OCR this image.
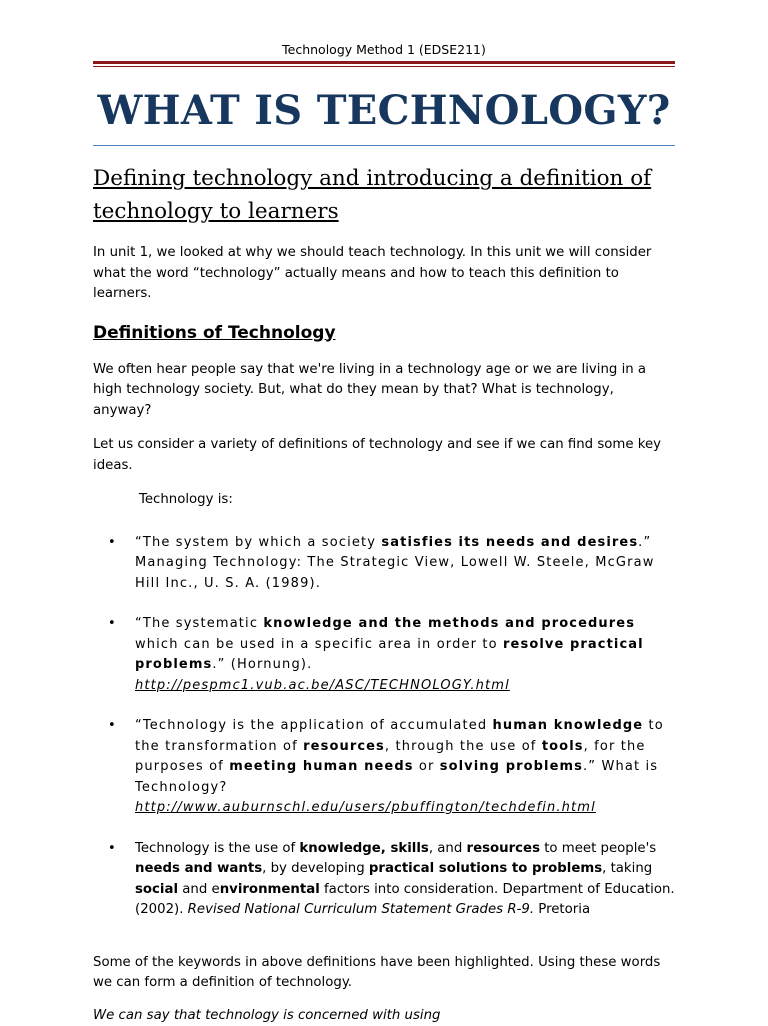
Technology Method 1 (EDSE211)
WHAT IS TECHNOLOGY?
Defining technology and introducing a definition of technology to learners

In unit 1, we looked at why we should teach technology. In this unit we will consider what the word “technology” actually means and how to teach this definition to learners.

Definitions of Technology

We often hear people say that we're living in a technology age or we are living in a high technology society. But, what do they mean by that? What is technology, anyway?

Let us consider a variety of definitions of technology and see if we can find some key ideas.

Technology is:

• “The system by which a society satisfies its needs and desires.” Managing Technology: The Strategic View, Lowell W. Steele, McGraw Hill Inc., U. S. A. (1989).
• “The systematic knowledge and the methods and procedures which can be used in a specific area in order to resolve practical problems.” (Hornung). http://pespmc1.vub.ac.be/ASC/TECHNOLOGY.html
• “Technology is the application of accumulated human knowledge to the transformation of resources, through the use of tools, for the purposes of meeting human needs or solving problems.” What is Technology? http://www.auburnschl.edu/users/pbuffington/techdefin.html
• Technology is the use of knowledge, skills, and resources to meet people's needs and wants, by developing practical solutions to problems, taking social and environmental factors into consideration. Department of Education. (2002). Revised National Curriculum Statement Grades R-9. Pretoria

Some of the keywords in above definitions have been highlighted. Using these words we can form a definition of technology.

We can say that technology is concerned with using
